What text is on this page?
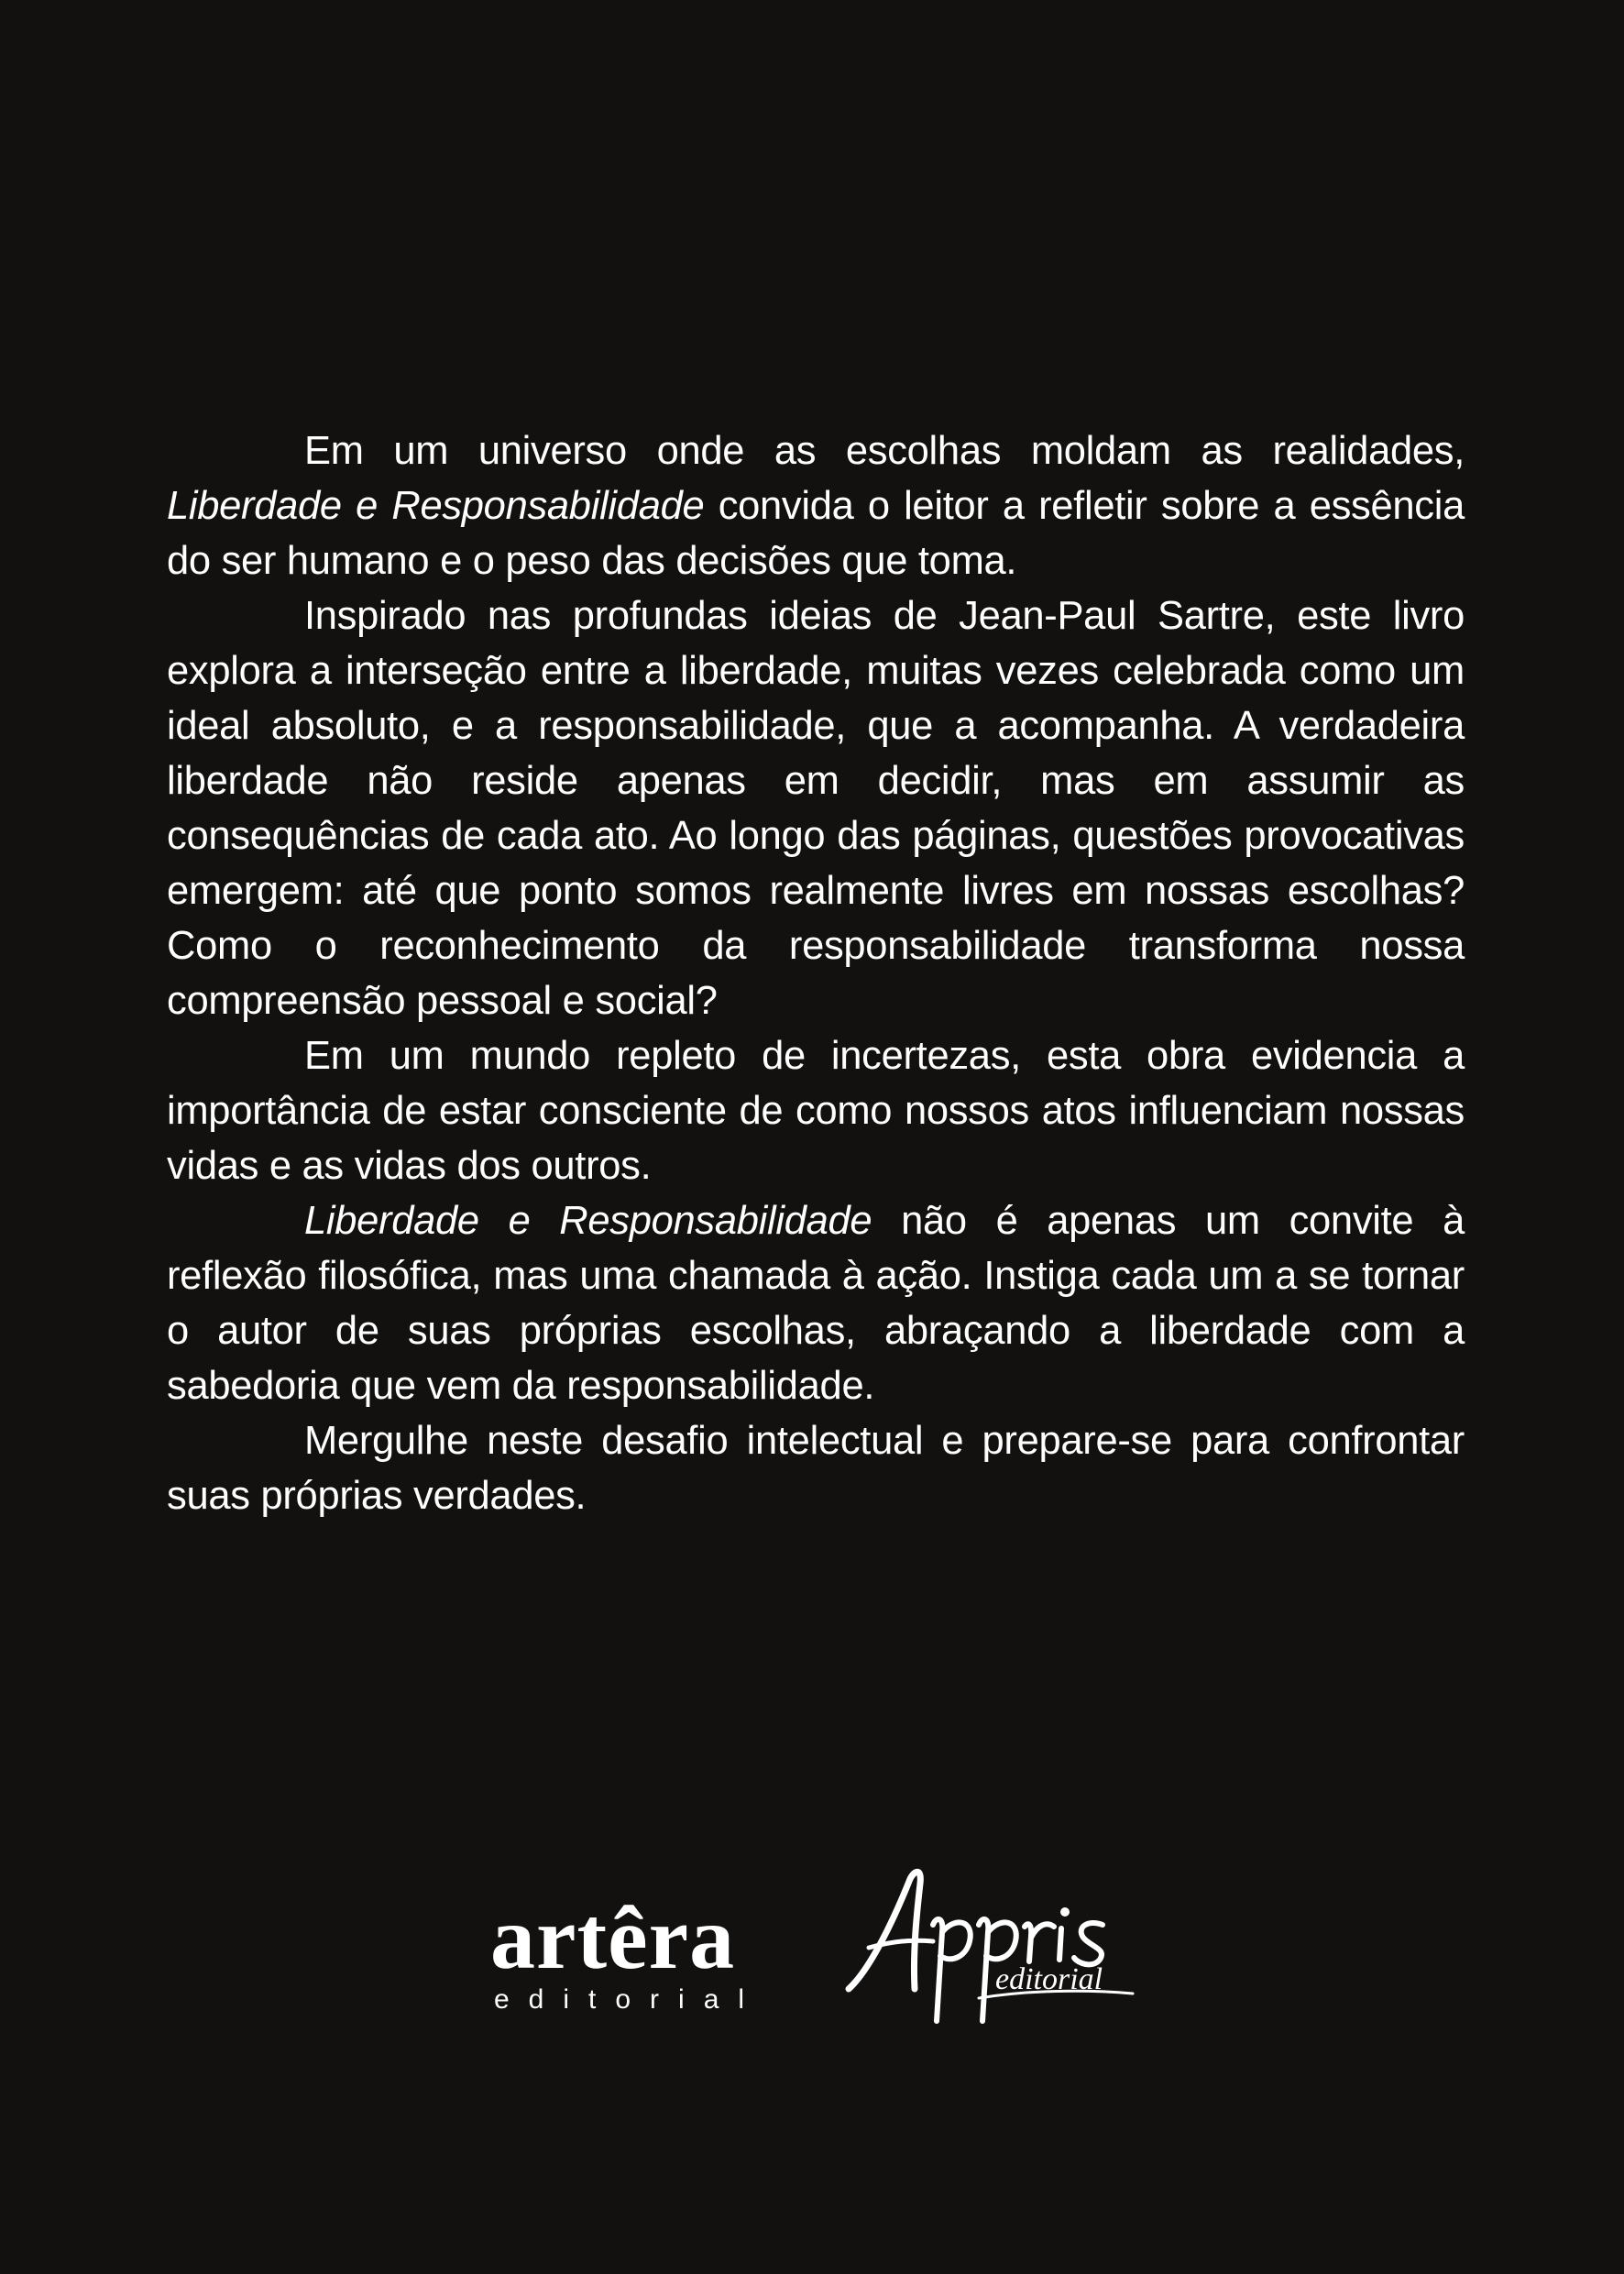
Em um universo onde as escolhas moldam as realidades, Liberdade e Responsabilidade convida o leitor a refletir sobre a essência do ser humano e o peso das decisões que toma.

Inspirado nas profundas ideias de Jean-Paul Sartre, este livro explora a interseção entre a liberdade, muitas vezes celebrada como um ideal absoluto, e a responsabilidade, que a acompanha. A verdadeira liberdade não reside apenas em decidir, mas em assumir as consequências de cada ato. Ao longo das páginas, questões provocativas emergem: até que ponto somos realmente livres em nossas escolhas? Como o reconhecimento da responsabilidade transforma nossa compreensão pessoal e social?

Em um mundo repleto de incertezas, esta obra evidencia a importância de estar consciente de como nossos atos influenciam nossas vidas e as vidas dos outros.

Liberdade e Responsabilidade não é apenas um convite à reflexão filosófica, mas uma chamada à ação. Instiga cada um a se tornar o autor de suas próprias escolhas, abraçando a liberdade com a sabedoria que vem da responsabilidade.

Mergulhe neste desafio intelectual e prepare-se para confrontar suas próprias verdades.

artêra
editorial
editorial
